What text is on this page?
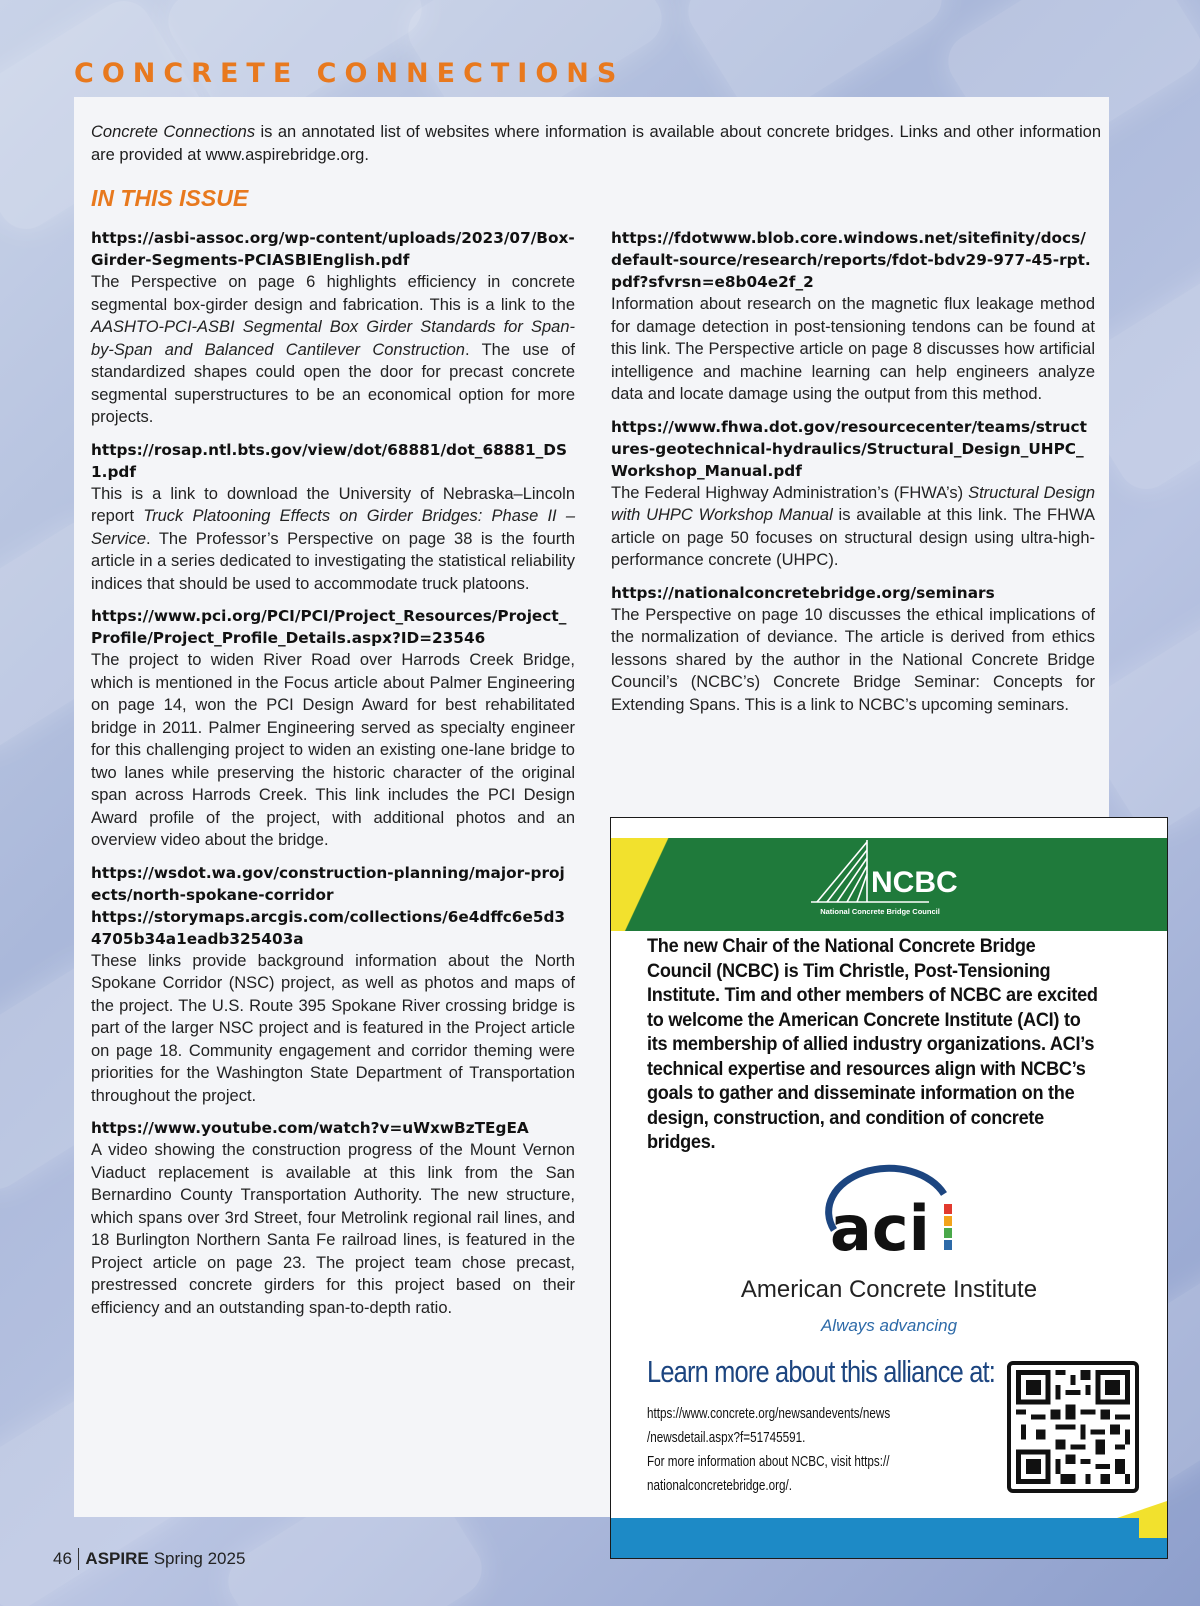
CONCRETE CONNECTIONS
Concrete Connections is an annotated list of websites where information is available about concrete bridges. Links and other information are provided at www.aspirebridge.org.
IN THIS ISSUE
https://asbi-assoc.org/wp-content/uploads/2023/07/Box-Girder-Segments-PCIASBIEnglish.pdf
The Perspective on page 6 highlights efficiency in concrete segmental box-girder design and fabrication. This is a link to the AASHTO-PCI-ASBI Segmental Box Girder Standards for Span-by-Span and Balanced Cantilever Construction. The use of standardized shapes could open the door for precast concrete segmental superstructures to be an economical option for more projects.
https://rosap.ntl.bts.gov/view/dot/68881/dot_68881_DS1.pdf
This is a link to download the University of Nebraska–Lincoln report Truck Platooning Effects on Girder Bridges: Phase II – Service. The Professor’s Perspective on page 38 is the fourth article in a series dedicated to investigating the statistical reliability indices that should be used to accommodate truck platoons.
https://www.pci.org/PCI/PCI/Project_Resources/Project_Profile/Project_Profile_Details.aspx?ID=23546
The project to widen River Road over Harrods Creek Bridge, which is mentioned in the Focus article about Palmer Engineering on page 14, won the PCI Design Award for best rehabilitated bridge in 2011. Palmer Engineering served as specialty engineer for this challenging project to widen an existing one-lane bridge to two lanes while preserving the historic character of the original span across Harrods Creek. This link includes the PCI Design Award profile of the project, with additional photos and an overview video about the bridge.
https://wsdot.wa.gov/construction-planning/major-projects/north-spokane-corridor
https://storymaps.arcgis.com/collections/6e4dffc6e5d34705b34a1eadb325403a
These links provide background information about the North Spokane Corridor (NSC) project, as well as photos and maps of the project. The U.S. Route 395 Spokane River crossing bridge is part of the larger NSC project and is featured in the Project article on page 18. Community engagement and corridor theming were priorities for the Washington State Department of Transportation throughout the project.
https://www.youtube.com/watch?v=uWxwBzTEgEA
A video showing the construction progress of the Mount Vernon Viaduct replacement is available at this link from the San Bernardino County Transportation Authority. The new structure, which spans over 3rd Street, four Metrolink regional rail lines, and 18 Burlington Northern Santa Fe railroad lines, is featured in the Project article on page 23. The project team chose precast, prestressed concrete girders for this project based on their efficiency and an outstanding span-to-depth ratio.
https://fdotwww.blob.core.windows.net/sitefinity/docs/default-source/research/reports/fdot-bdv29-977-45-rpt.pdf?sfvrsn=e8b04e2f_2
Information about research on the magnetic flux leakage method for damage detection in post-tensioning tendons can be found at this link. The Perspective article on page 8 discusses how artificial intelligence and machine learning can help engineers analyze data and locate damage using the output from this method.
https://www.fhwa.dot.gov/resourcecenter/teams/structures-geotechnical-hydraulics/Structural_Design_UHPC_Workshop_Manual.pdf
The Federal Highway Administration’s (FHWA’s) Structural Design with UHPC Workshop Manual is available at this link. The FHWA article on page 50 focuses on structural design using ultra-high-performance concrete (UHPC).
https://nationalconcretebridge.org/seminars
The Perspective on page 10 discusses the ethical implications of the normalization of deviance. The article is derived from ethics lessons shared by the author in the National Concrete Bridge Council’s (NCBC’s) Concrete Bridge Seminar: Concepts for Extending Spans. This is a link to NCBC’s upcoming seminars.
NCBC
National Concrete Bridge Council
The new Chair of the National Concrete Bridge Council (NCBC) is Tim Christle, Post-Tensioning Institute. Tim and other members of NCBC are excited to welcome the American Concrete Institute (ACI) to its membership of allied industry organizations. ACI’s technical expertise and resources align with NCBC’s goals to gather and disseminate information on the design, construction, and condition of concrete bridges.
aci
American Concrete Institute
Always advancing
Learn more about this alliance at:
https://www.concrete.org/newsandevents/news
/newsdetail.aspx?f=51745591.
For more information about NCBC, visit https://
nationalconcretebridge.org/.
46 ASPIRE Spring 2025
